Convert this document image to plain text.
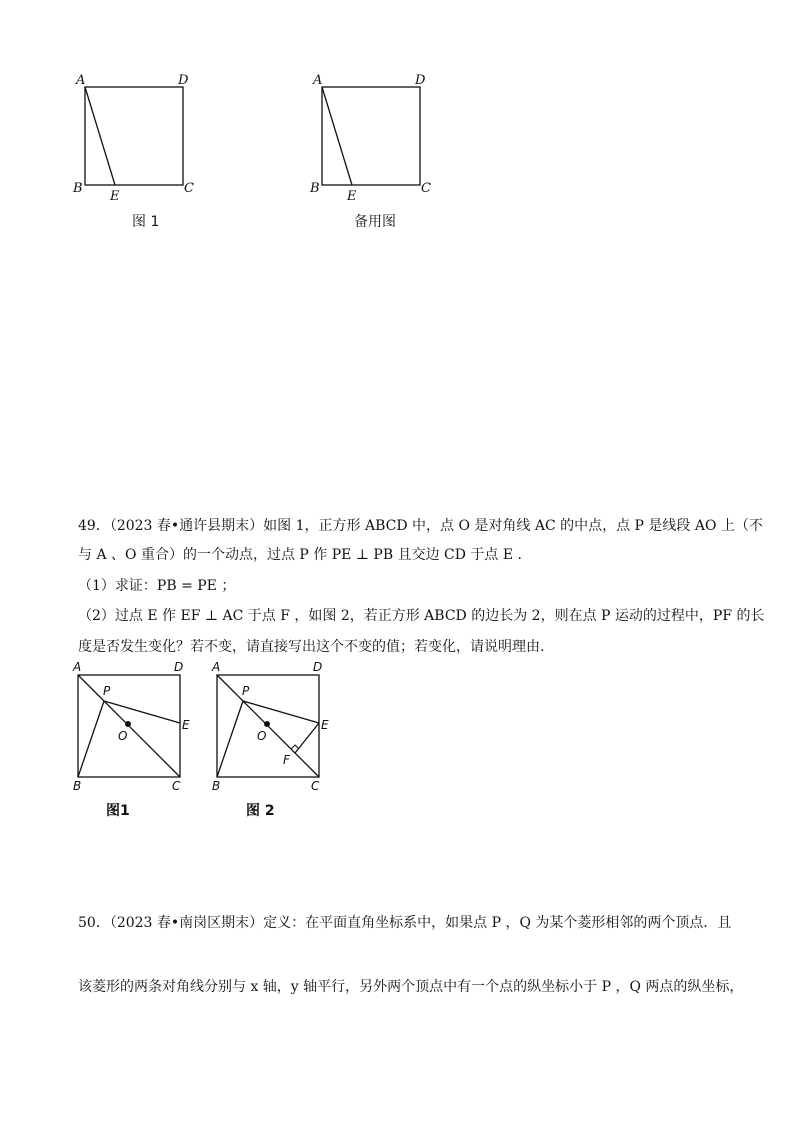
A	D
B
E
C
图 1
A	D
B
E
C
备用图
49．（2023 春•通许县期末）如图 1，正方形 ABCD 中，点 O 是对角线 AC 的中点，点 P 是线段 AO 上（不
与 A 、O 重合）的一个动点，过点 P 作 PE ⊥ PB 且交边 CD 于点 E .
（1）求证：PB = PE ；
（2）过点 E 作 EF ⊥ AC 于点 F ，如图 2，若正方形 ABCD 的边长为 2，则在点 P 运动的过程中，PF 的长
度是否发生变化？若不变，请直接写出这个不变的值；若变化，请说明理由.
A	D
B	C
E
P
O
图1
A	D
B	C
E
P
O
F
图 2
50．（2023 春•南岗区期末）定义：在平面直角坐标系中，如果点 P ，Q 为某个菱形相邻的两个顶点．且
该菱形的两条对角线分别与 x 轴，y 轴平行，另外两个顶点中有一个点的纵坐标小于 P ，Q 两点的纵坐标，
